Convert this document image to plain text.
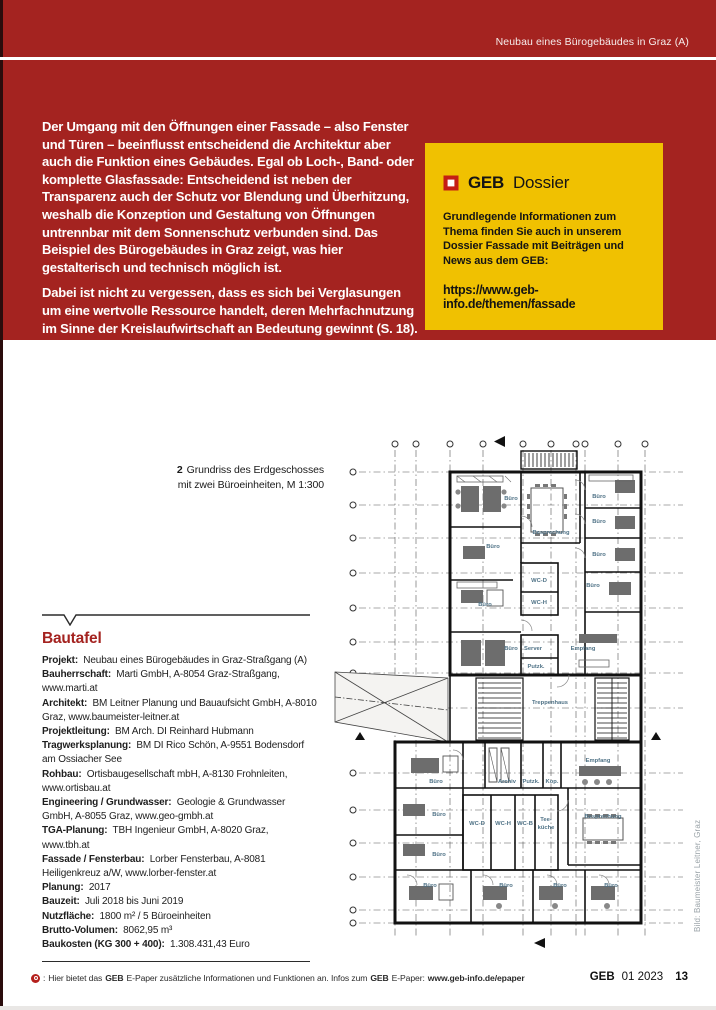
Neubau eines Bürogebäudes in Graz (A)

Der Umgang mit den Öffnungen einer Fassade – also Fenster und Türen – beeinflusst entscheidend die Architektur aber auch die Funktion eines Gebäudes. Egal ob Loch-, Band- oder komplette Glasfassade: Entscheidend ist neben der Transparenz auch der Schutz vor Blendung und Überhitzung, weshalb die Konzeption und Gestaltung von Öffnungen untrennbar mit dem Sonnenschutz verbunden sind. Das Beispiel des Bürogebäudes in Graz zeigt, was hier gestalterisch und technisch möglich ist.

Dabei ist nicht zu vergessen, dass es sich bei Verglasungen um eine wertvolle Ressource handelt, deren Mehrfachnutzung im Sinne der Kreislaufwirtschaft an Bedeutung gewinnt (S. 18). Neben dem Recycling bietet sich zudem der Glas- anstatt des kompletten Fenstertauschs an (S. 22).

GEB Dossier

Grundlegende Informationen zum Thema finden Sie auch in unserem Dossier Fassade mit Beiträgen und News aus dem GEB:

https://www.geb-info.de/themen/fassade
2 Grundriss des Erdgeschosses
mit zwei Büroeinheiten, M 1:300
Büro
Besprechung
Büro
Büro
Büro
Büro
WC-D
WC-H
Büro
Büro
Büro Server
Putzk.
Empfang
Treppenhaus
Büro	Archiv Putzk. Kop.
Empfang
Büro
Büro
WC-D WC-H WC-B
Tee-
küche
Besprechung
Büro	Büro	Büro	Büro	Bild: Baumeister Leitner, Graz
Bautafel

Projekt:  Neubau eines Bürogebäudes in Graz-Straßgang (A)

Bauherrschaft:  Marti GmbH, A-8054 Graz-Straßgang, www.marti.at

Architekt:  BM Leitner Planung und Bauaufsicht GmbH, A-8010 Graz, www.baumeister-leitner.at

Projektleitung:  BM Arch. DI Reinhard Hubmann

Tragwerksplanung:  BM DI Rico Schön, A-9551 Bodensdorf am Ossiacher See

Rohbau:  Ortisbaugesellschaft mbH, A-8130 Frohnleiten, www.ortisbau.at

Engineering / Grundwasser:  Geologie & Grundwasser GmbH, A-8055 Graz, www.geo-gmbh.at

TGA-Planung:  TBH Ingenieur GmbH, A-8020 Graz, www.tbh.at

Fassade / Fensterbau:  Lorber Fensterbau, A-8081 Heiligenkreuz a/W, www.lorber-fenster.at

Planung:  2017

Bauzeit:  Juli 2018 bis Juni 2019

Nutzfläche:  1800 m² / 5 Büroeinheiten

Brutto-Volumen:  8062,95 m³

Baukosten (KG 300 + 400):  1.308.431,43 Euro

: Hier bietet das GEB E-Paper zusätzliche Informationen und Funktionen an. Infos zum GEB E-Paper: www.geb-info.de/epaper	GEB 01 2023 13
